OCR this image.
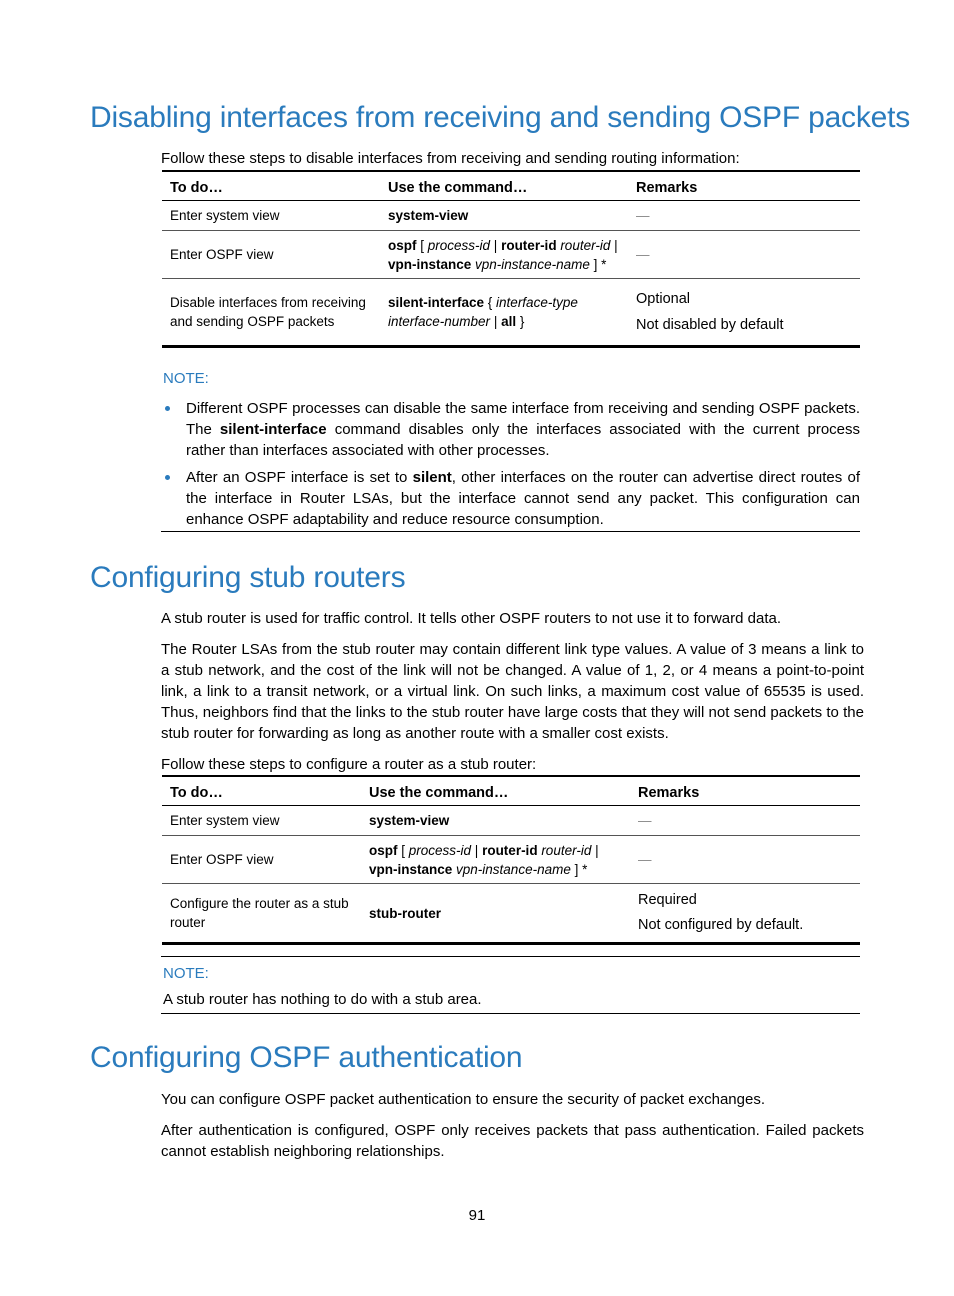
Disabling interfaces from receiving and sending OSPF packets

Follow these steps to disable interfaces from receiving and sending routing information:

To do…	Use the command…	Remarks
Enter system view	system-view	—
Enter OSPF view	ospf [ process-id | router-id router-id | vpn-instance vpn-instance-name ] *	—
Disable interfaces from receiving and sending OSPF packets	silent-interface { interface-type interface-number | all }	Optional
Not disabled by default

NOTE:

Different OSPF processes can disable the same interface from receiving and sending OSPF packets. The silent-interface command disables only the interfaces associated with the current process rather than interfaces associated with other processes.
After an OSPF interface is set to silent, other interfaces on the router can advertise direct routes of the interface in Router LSAs, but the interface cannot send any packet. This configuration can enhance OSPF adaptability and reduce resource consumption.
Configuring stub routers

A stub router is used for traffic control. It tells other OSPF routers to not use it to forward data.

The Router LSAs from the stub router may contain different link type values. A value of 3 means a link to a stub network, and the cost of the link will not be changed. A value of 1, 2, or 4 means a point-to-point link, a link to a transit network, or a virtual link. On such links, a maximum cost value of 65535 is used. Thus, neighbors find that the links to the stub router have large costs that they will not send packets to the stub router for forwarding as long as another route with a smaller cost exists.

Follow these steps to configure a router as a stub router:

To do…	Use the command…	Remarks
Enter system view	system-view	—
Enter OSPF view	ospf [ process-id | router-id router-id | vpn-instance vpn-instance-name ] *	—
Configure the router as a stub router	stub-router	Required
Not configured by default.

NOTE:

A stub router has nothing to do with a stub area.

Configuring OSPF authentication

You can configure OSPF packet authentication to ensure the security of packet exchanges.

After authentication is configured, OSPF only receives packets that pass authentication. Failed packets cannot establish neighboring relationships.

91
